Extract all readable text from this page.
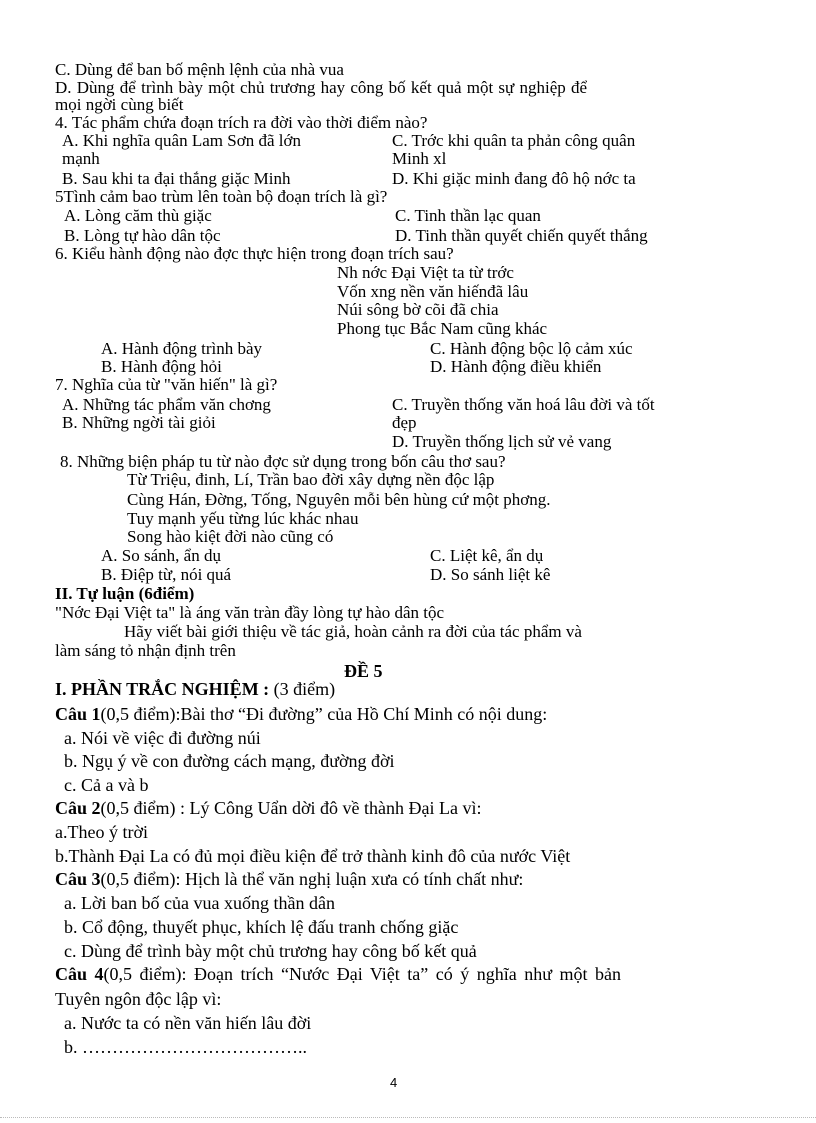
C. Dùng để ban bố mệnh lệnh của nhà vua
D. Dùng để trình bày một chủ trương hay công bố kết quả một sự nghiệp để
mọi ngời cùng biết
4. Tác phẩm chứa đoạn trích ra đời vào thời điểm nào?
A. Khi nghĩa quân Lam Sơn đã lớn	C. Trớc khi quân ta phản công quân
mạnh	Minh xl
B. Sau khi ta đại thắng giặc Minh	D. Khi giặc minh đang đô hộ nớc ta
5Tình cảm bao trùm lên toàn bộ đoạn trích là gì?
A. Lòng căm thù giặc	C. Tinh thần lạc quan
B. Lòng tự hào dân tộc	D. Tinh thần quyết chiến quyết thắng
6. Kiểu hành động nào đợc thực hiện trong đoạn trích sau?
Nh nớc Đại Việt ta từ trớc
Vốn xng nền văn hiếnđã lâu
Núi sông bờ cõi đã chia
Phong tục Bắc Nam cũng khác
A. Hành động trình bày	C. Hành động bộc lộ cảm xúc
B. Hành động hỏi	D. Hành động điều khiển
7. Nghĩa của từ "văn hiến" là gì?
A. Những tác phẩm văn chơng	C. Truyền thống văn hoá lâu đời và tốt
B. Những ngời tài giỏi	đẹp
D. Truyền thống lịch sử vẻ vang
8. Những biện pháp tu từ nào đợc sử dụng trong bốn câu thơ sau?
Từ Triệu, đinh, Lí, Trần bao đời xây dựng nền độc lập
Cùng Hán, Đờng, Tống, Nguyên mỗi bên hùng cứ một phơng.
Tuy mạnh yếu từng lúc khác nhau
Song hào kiệt đời nào cũng có
A. So sánh, ẩn dụ	C. Liệt kê, ẩn dụ
B. Điệp từ, nói quá	D. So sánh liệt kê
II. Tự luận (6điểm)
"Nớc Đại Việt ta" là áng văn tràn đầy lòng tự hào dân tộc
Hãy viết bài giới thiệu về tác giả, hoàn cảnh ra đời của tác phẩm và
làm sáng tỏ nhận định trên
ĐỀ 5
I. PHẦN TRẮC NGHIỆM : (3 điểm)
Câu 1(0,5 điểm):Bài thơ “Đi đường” của Hồ Chí Minh có nội dung:
a. Nói về việc đi đường núi
b. Ngụ ý về con đường cách mạng, đường đời
c. Cả a và b
Câu 2(0,5 điểm) : Lý Công Uẩn dời đô về thành Đại La vì:
a.Theo ý trời
b.Thành Đại La có đủ mọi điều kiện để trở thành kinh đô của nước Việt
Câu 3(0,5 điểm): Hịch là thể văn nghị luận xưa có tính chất như:
a. Lời ban bố của vua xuống thần dân
b. Cổ động, thuyết phục, khích lệ đấu tranh chống giặc
c. Dùng để trình bày một chủ trương hay công bố kết quả
Câu 4(0,5 điểm): Đoạn trích “Nước Đại Việt ta” có ý nghĩa như một bản
Tuyên ngôn độc lập vì:
a. Nước ta có nền văn hiến lâu đời
b. ………………………………..
4
